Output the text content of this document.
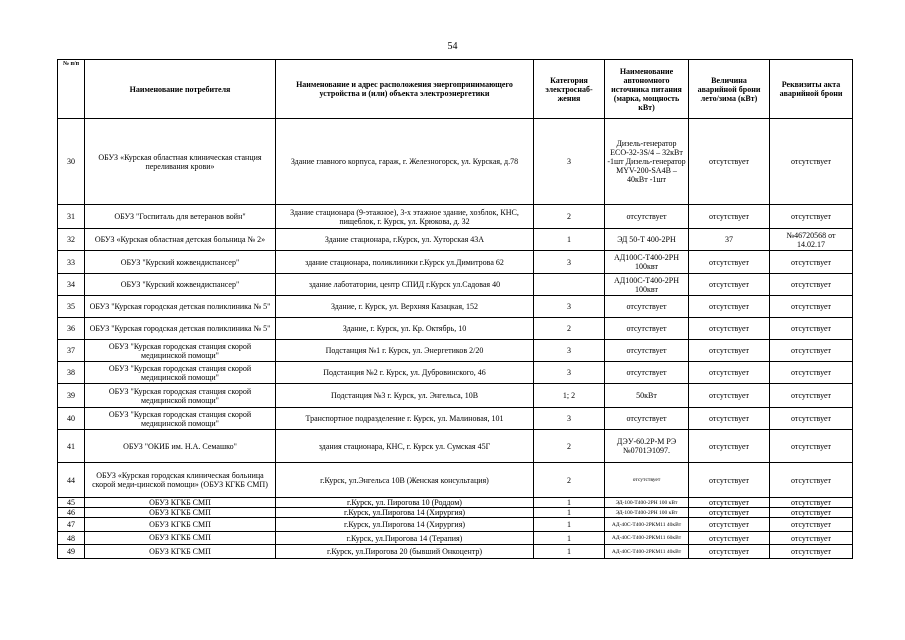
54
№ п/п	Наименование потребителя	Наименование и адрес расположения энергопринимающего устройства и (или) объекта электроэнергетики	Категория электроснаб-жения	Наименование автономного источника питания (марка, мощность кВт)	Величина аварийной брони лето/зима (кВт)	Реквизиты акта аварийной брони
30	ОБУЗ «Курская областная клиническая станция переливания крови»	Здание главного корпуса, гараж, г. Железногорск, ул. Курская, д.78	3	Дизель-генератор ECO-32-3S/4 – 32кВт -1шт Дизель-генератор MYV-200-SA4B – 40кВт -1шт	отсутствует	отсутствует
31	ОБУЗ "Госпиталь для ветеранов войн"	Здание стационара (9-этажное), 3-х этажное здание, хозблок, КНС, пищеблок, г. Курск, ул. Крюкова, д. 32	2	отсутствует	отсутствует	отсутствует
32	ОБУЗ «Курская областная детская больница № 2»	Здание стационара, г.Курск, ул. Хуторская 43А	1	ЭД 50-Т 400-2РН	37	№46720568 от 14.02.17
33	ОБУЗ "Курский кожвендиспансер"	здание стационара, поликлиники г.Курск ул.Димитрова 62	3	АД100С-Т400-2РН 100квт	отсутствует	отсутствует
34	ОБУЗ "Курский кожвендиспансер"	здание лаботатории, центр СПИД г.Курск ул.Садовая 40		АД100С-Т400-2РН 100квт	отсутствует	отсутствует
35	ОБУЗ "Курская городская детская поликлиника № 5"	Здание, г. Курск, ул. Верхняя Казацкая, 152	3	отсутствует	отсутствует	отсутствует
36	ОБУЗ "Курская городская детская поликлиника № 5"	Здание, г. Курск, ул. Кр. Октябрь, 10	2	отсутствует	отсутствует	отсутствует
37	ОБУЗ "Курская городская станция скорой медицинской помощи"	Подстанция №1 г. Курск, ул. Энергетиков 2/20	3	отсутствует	отсутствует	отсутствует
38	ОБУЗ "Курская городская станция скорой медицинской помощи"	Подстанция №2 г. Курск, ул. Дубровинского, 46	3	отсутствует	отсутствует	отсутствует
39	ОБУЗ "Курская городская станция скорой медицинской помощи"	Подстанция №3 г. Курск, ул. Энгельса, 10В	1; 2	50кВт	отсутствует	отсутствует
40	ОБУЗ "Курская городская станция скорой медицинской помощи"	Транспортное подразделение г. Курск, ул. Малиновая, 101	3	отсутствует	отсутствует	отсутствует
41	ОБУЗ "ОКИБ им. Н.А. Семашко"	здания стационара, КНС, г. Курск ул. Сумская 45Г	2	ДЭУ-60.2Р-М РЭ №0701Э1097.	отсутствует	отсутствует
44	ОБУЗ «Курская городская клиническая больница скорой меди-цинской помощи» (ОБУЗ КГКБ СМП)	г.Курск, ул.Энгельса 10В (Женская консультация)	2	отсутствует	отсутствует	отсутствует
45	ОБУЗ КГКБ СМП	г.Курск, ул. Пирогова 10 (Роддом)	1	ЭД-100-Т400-2РН 100 кВт	отсутствует	отсутствует
46	ОБУЗ КГКБ СМП	г.Курск, ул.Пирогова 14 (Хирургия)	1	ЭД-100-Т400-2РН 100 кВт	отсутствует	отсутствует
47	ОБУЗ КГКБ СМП	г.Курск, ул.Пирогова 14 (Хирургия)	1	АД-40С-Т400-2РКМ11 40кВт	отсутствует	отсутствует
48	ОБУЗ КГКБ СМП	г.Курск, ул.Пирогова 14 (Терапия)	1	АД-40С-Т400-2РКМ11 60кВт	отсутствует	отсутствует
49	ОБУЗ КГКБ СМП	г.Курск, ул.Пирогова 20 (бывший Онкоцентр)	1	АД-40С-Т400-2РКМ11 40кВт	отсутствует	отсутствует
